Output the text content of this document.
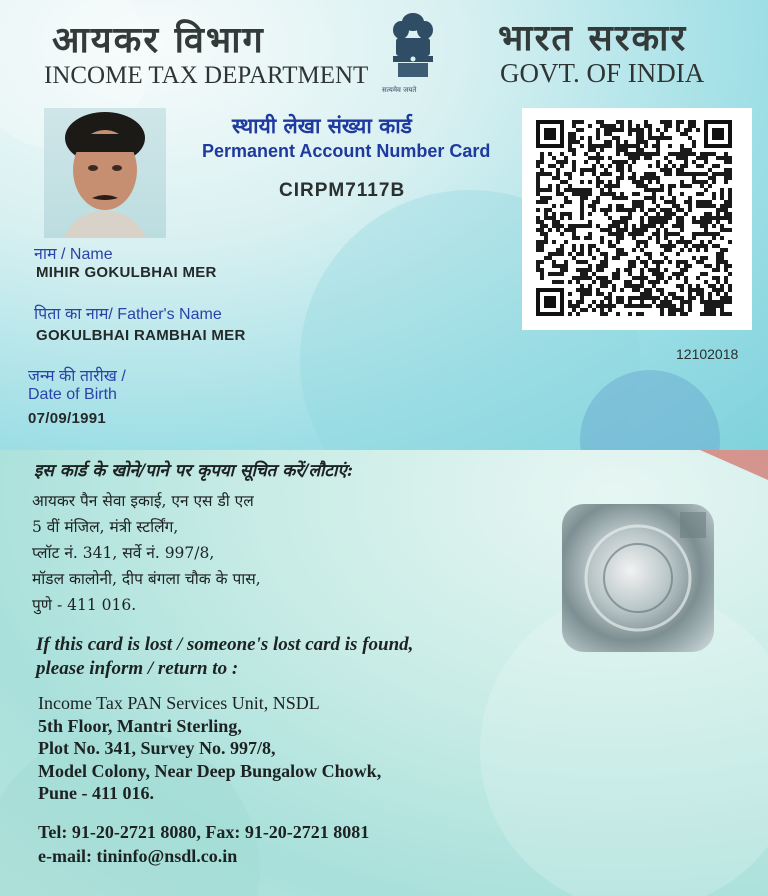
आयकर विभाग
INCOME TAX DEPARTMENT
सत्यमेव जयते
भारत सरकार
GOVT. OF INDIA
स्थायी लेखा संख्या कार्ड
Permanent Account Number Card
CIRPM7117B
नाम / Name
MIHIR GOKULBHAI MER
पिता का नाम/ Father's Name
GOKULBHAI RAMBHAI MER
जन्म की तारीख /
Date of Birth
07/09/1991
12102018
इस कार्ड के खोने/पाने पर कृपया सूचित करें/लौटाएं:
आयकर पैन सेवा इकाई, एन एस डी एल
5 वीं मंजिल, मंत्री स्टर्लिंग,
प्लॉट नं. 341, सर्वे नं. 997/8,
मॉडल कालोनी, दीप बंगला चौक के पास,
पुणे - 411 016.
If this card is lost / someone's lost card is found,
please inform / return to :
Income Tax PAN Services Unit, NSDL
5th Floor, Mantri Sterling,
Plot No. 341, Survey No. 997/8,
Model Colony, Near Deep Bungalow Chowk,
Pune - 411 016.
Tel: 91-20-2721 8080, Fax: 91-20-2721 8081
e-mail: tininfo@nsdl.co.in
